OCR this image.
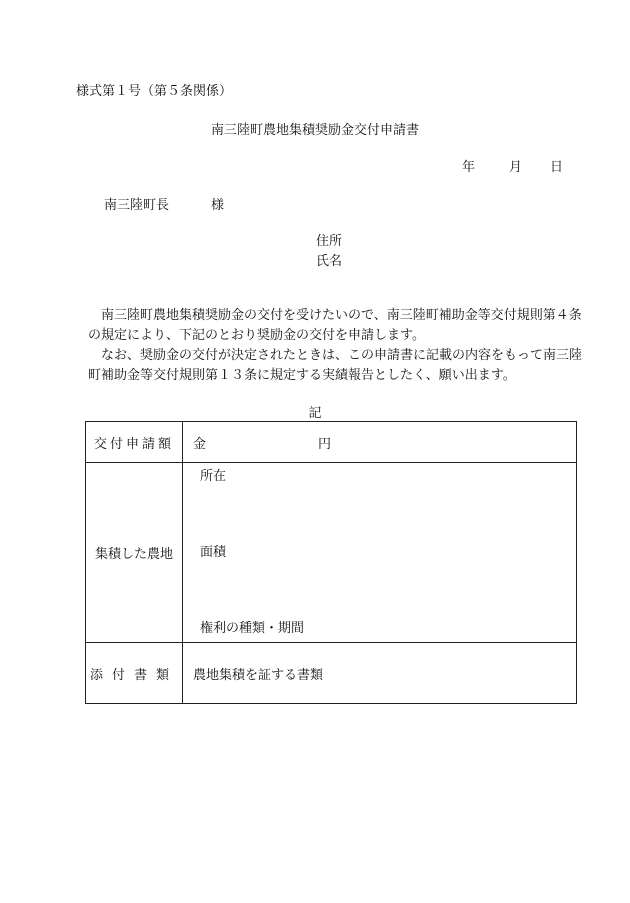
様式第１号（第５条関係）
南三陸町農地集積奨励金交付申請書
年	月 日
南三陸町長	様
住所
氏名

南三陸町農地集積奨励金の交付を受けたいので、南三陸町補助金等交付規則第４条の規定により、下記のとおり奨励金の交付を申請します。

なお、奨励金の交付が決定されたときは、この申請書に記載の内容をもって南三陸町補助金等交付規則第１３条に規定する実績報告としたく、願い出ます。

記
交付申請額	金 円
集積した農地	所在
面積
権利の種類・期間

添付書類	農地集積を証する書類
